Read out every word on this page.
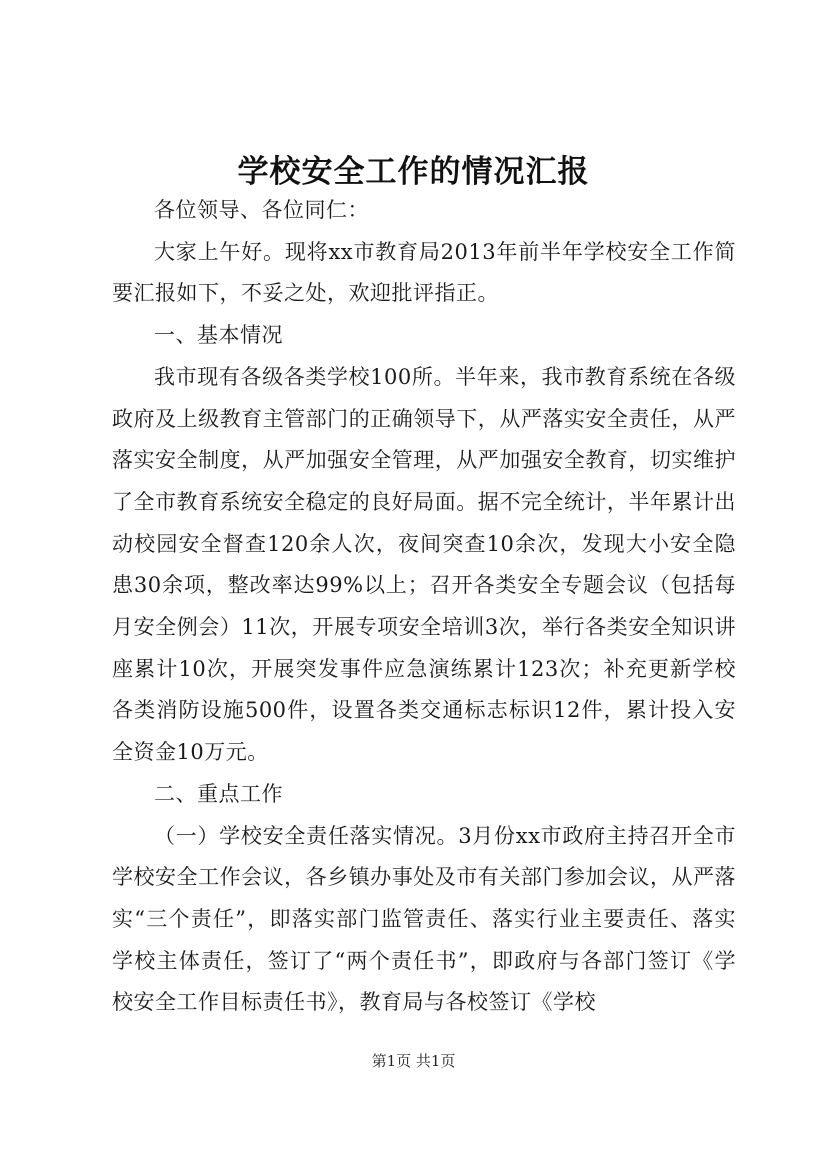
学校安全工作的情况汇报

各位领导、各位同仁：

大家上午好。现将xx市教育局2013年前半年学校安全工作简要汇报如下，不妥之处，欢迎批评指正。

一、基本情况

我市现有各级各类学校100所。半年来，我市教育系统在各级政府及上级教育主管部门的正确领导下，从严落实安全责任，从严落实安全制度，从严加强安全管理，从严加强安全教育，切实维护了全市教育系统安全稳定的良好局面。据不完全统计，半年累计出动校园安全督查120余人次，夜间突查10余次，发现大小安全隐患30余项，整改率达99%以上；召开各类安全专题会议（包括每月安全例会）11次，开展专项安全培训3次，举行各类安全知识讲座累计10次，开展突发事件应急演练累计123次；补充更新学校各类消防设施500件，设置各类交通标志标识12件，累计投入安全资金10万元。

二、重点工作

（一）学校安全责任落实情况。3月份xx市政府主持召开全市学校安全工作会议，各乡镇办事处及市有关部门参加会议，从严落实“三个责任”，即落实部门监管责任、落实行业主要责任、落实学校主体责任，签订了“两个责任书”，即政府与各部门签订《学校安全工作目标责任书》，教育局与各校签订《学校

第1页 共1页
